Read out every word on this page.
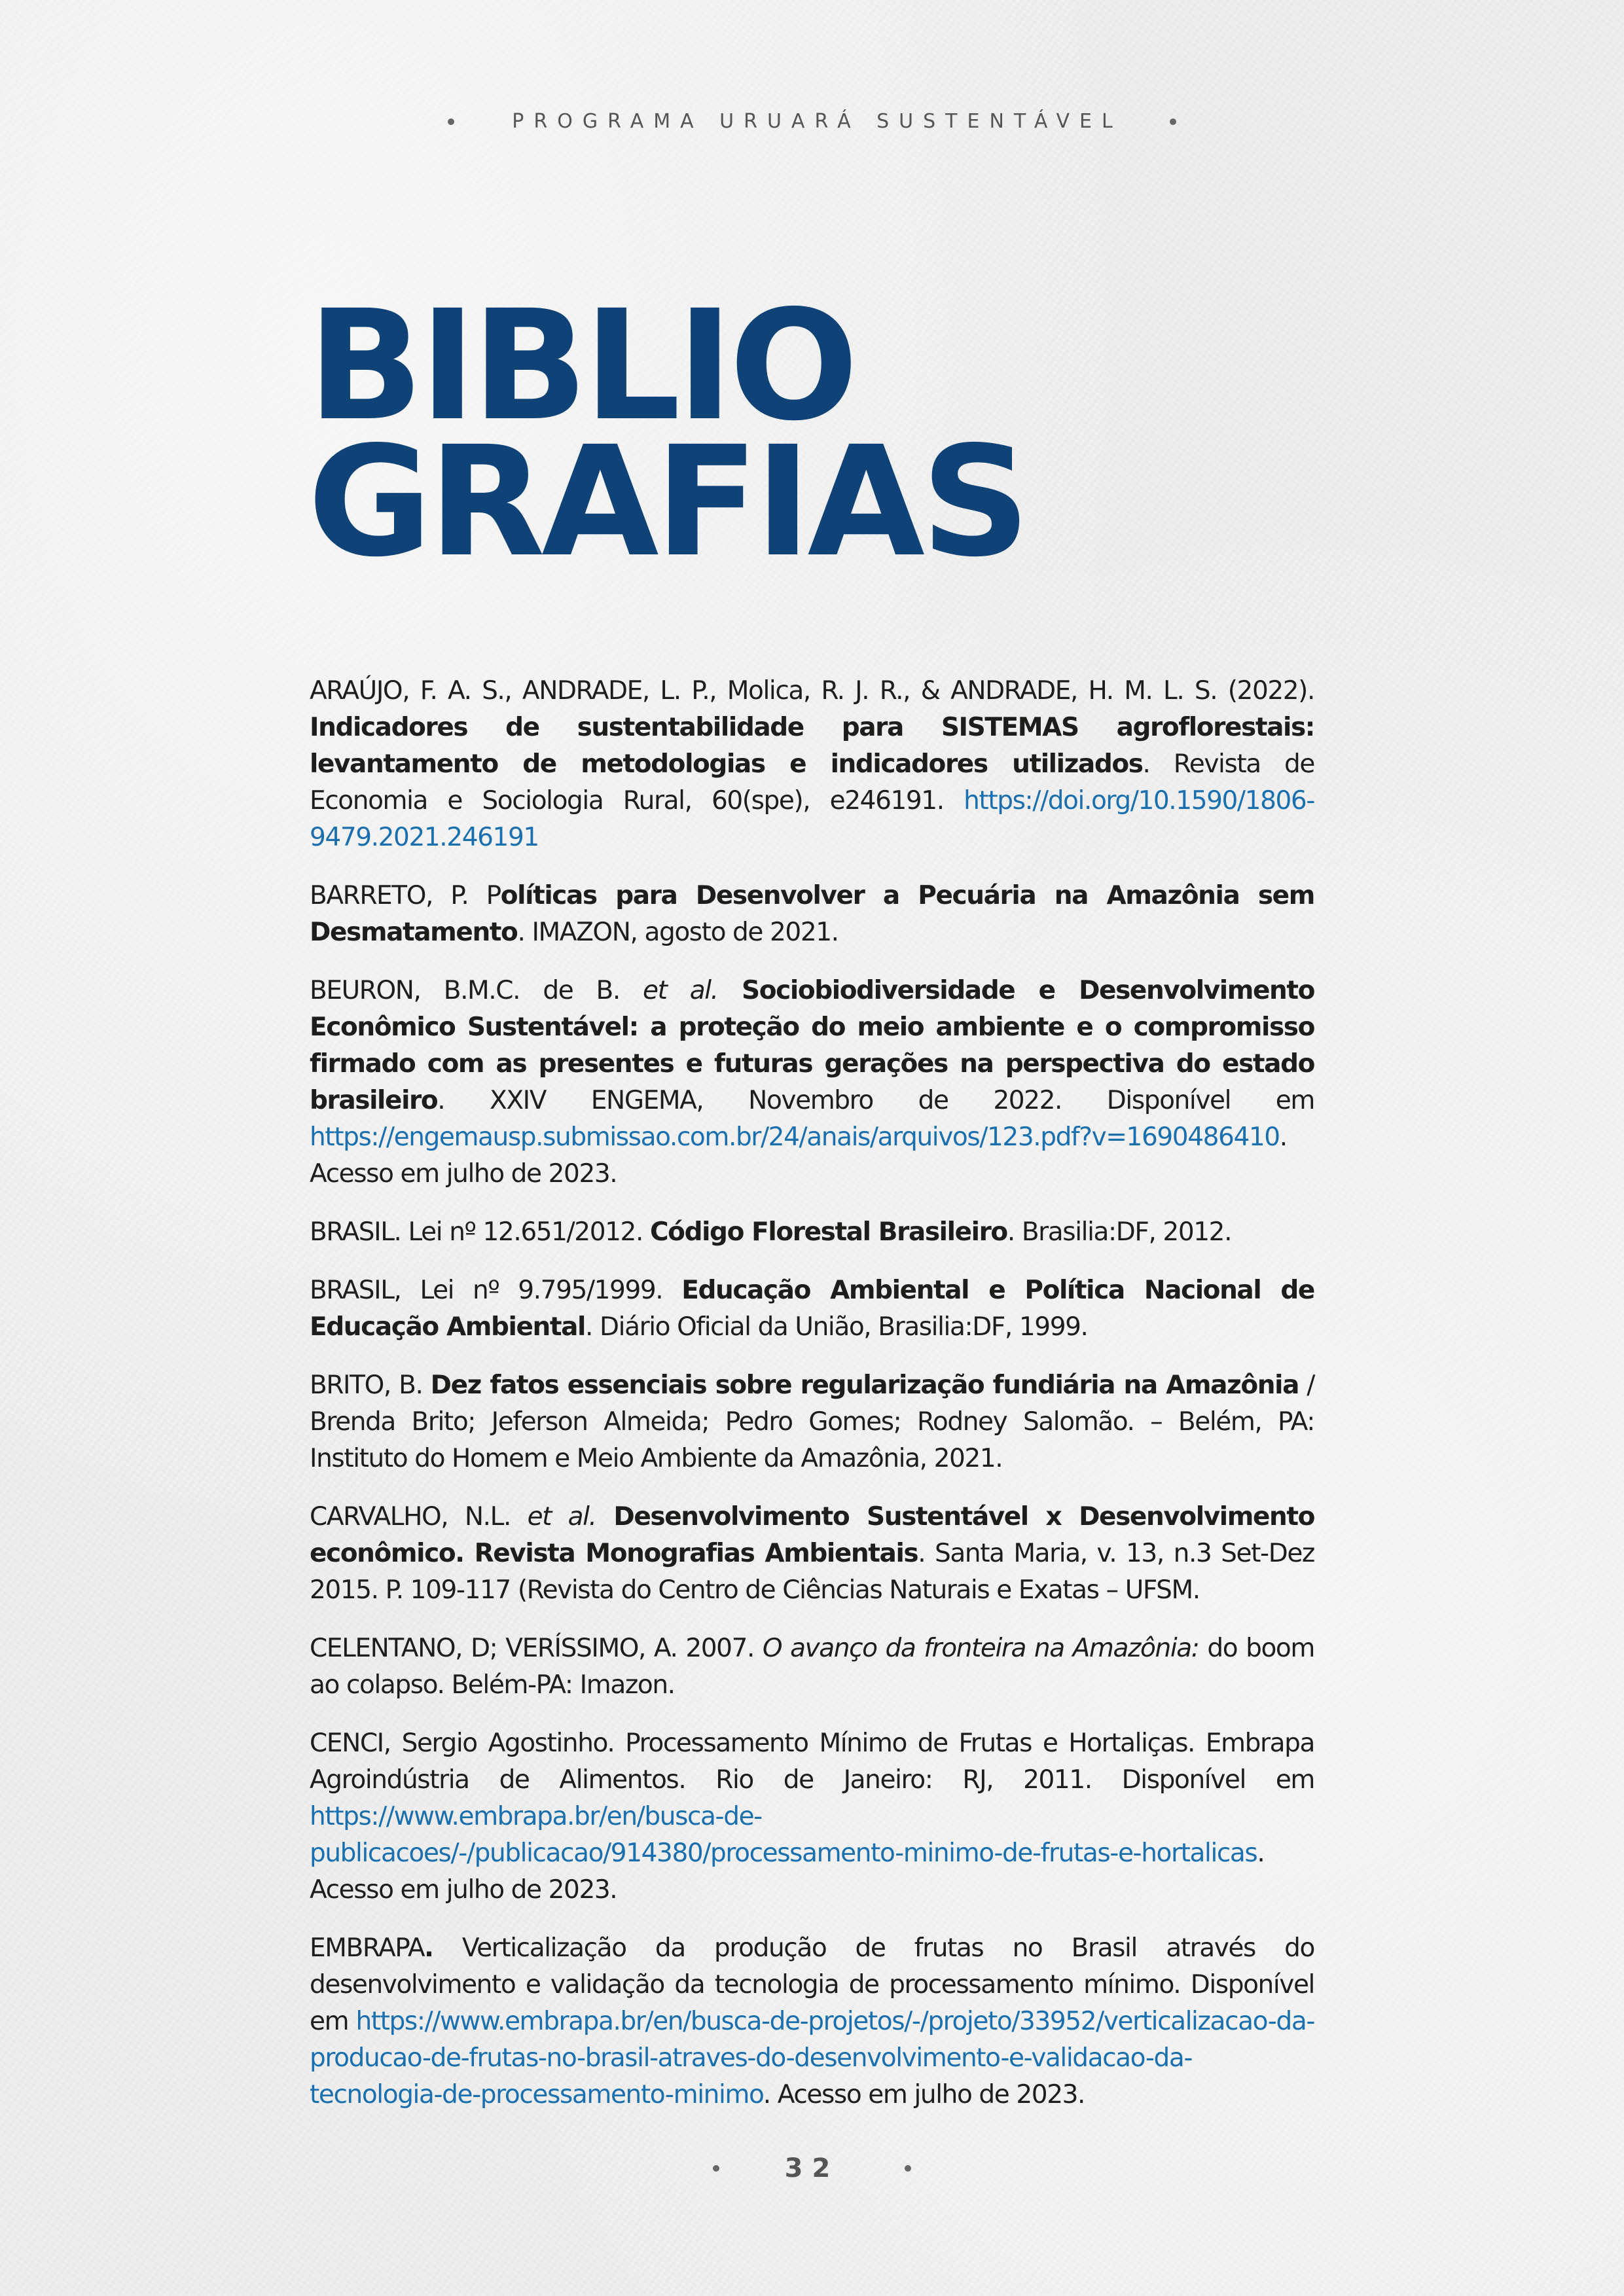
PROGRAMA URUARÁ SUSTENTÁVEL
BIBLIO
GRAFIAS

ARAÚJO, F. A. S., ANDRADE, L. P., Molica, R. J. R., & ANDRADE, H. M. L. S. (2022). Indicadores de sustentabilidade para SISTEMAS agroflorestais: levantamento de metodologias e indicadores utilizados. Revista de Economia e Sociologia Rural, 60(spe), e246191. https://doi.org/10.1590/1806-9479.2021.246191

BARRETO, P. Políticas para Desenvolver a Pecuária na Amazônia sem Desmatamento. IMAZON, agosto de 2021.

BEURON, B.M.C. de B. et al. Sociobiodiversidade e Desenvolvimento Econômico Sustentável: a proteção do meio ambiente e o compromisso firmado com as presentes e futuras gerações na perspectiva do estado brasileiro. XXIV ENGEMA, Novembro de 2022. Disponível em https://engemausp.submissao.com.br/24/anais/arquivos/123.pdf?v=1690486410. Acesso em julho de 2023.

BRASIL. Lei nº 12.651/2012. Código Florestal Brasileiro. Brasilia:DF, 2012.

BRASIL, Lei nº 9.795/1999. Educação Ambiental e Política Nacional de Educação Ambiental. Diário Oficial da União, Brasilia:DF, 1999.

BRITO, B. Dez fatos essenciais sobre regularização fundiária na Amazônia / Brenda Brito; Jeferson Almeida; Pedro Gomes; Rodney Salomão. – Belém, PA: Instituto do Homem e Meio Ambiente da Amazônia, 2021.

CARVALHO, N.L. et al. Desenvolvimento Sustentável x Desenvolvimento econômico. Revista Monografias Ambientais. Santa Maria, v. 13, n.3 Set-Dez 2015. P. 109-117 (Revista do Centro de Ciências Naturais e Exatas – UFSM.

CELENTANO, D; VERÍSSIMO, A. 2007. O avanço da fronteira na Amazônia: do boom ao colapso. Belém-PA: Imazon.

CENCI, Sergio Agostinho. Processamento Mínimo de Frutas e Hortaliças. Embrapa Agroindústria de Alimentos. Rio de Janeiro: RJ, 2011. Disponível em https://www.embrapa.br/en/busca-de-publicacoes/-/publicacao/914380/processamento-minimo-de-frutas-e-hortalicas. Acesso em julho de 2023.

EMBRAPA. Verticalização da produção de frutas no Brasil através do desenvolvimento e validação da tecnologia de processamento mínimo. Disponível em https://www.embrapa.br/en/busca-de-projetos/-/projeto/33952/verticalizacao-da-producao-de-frutas-no-brasil-atraves-do-desenvolvimento-e-validacao-da-tecnologia-de-processamento-minimo. Acesso em julho de 2023.

32
